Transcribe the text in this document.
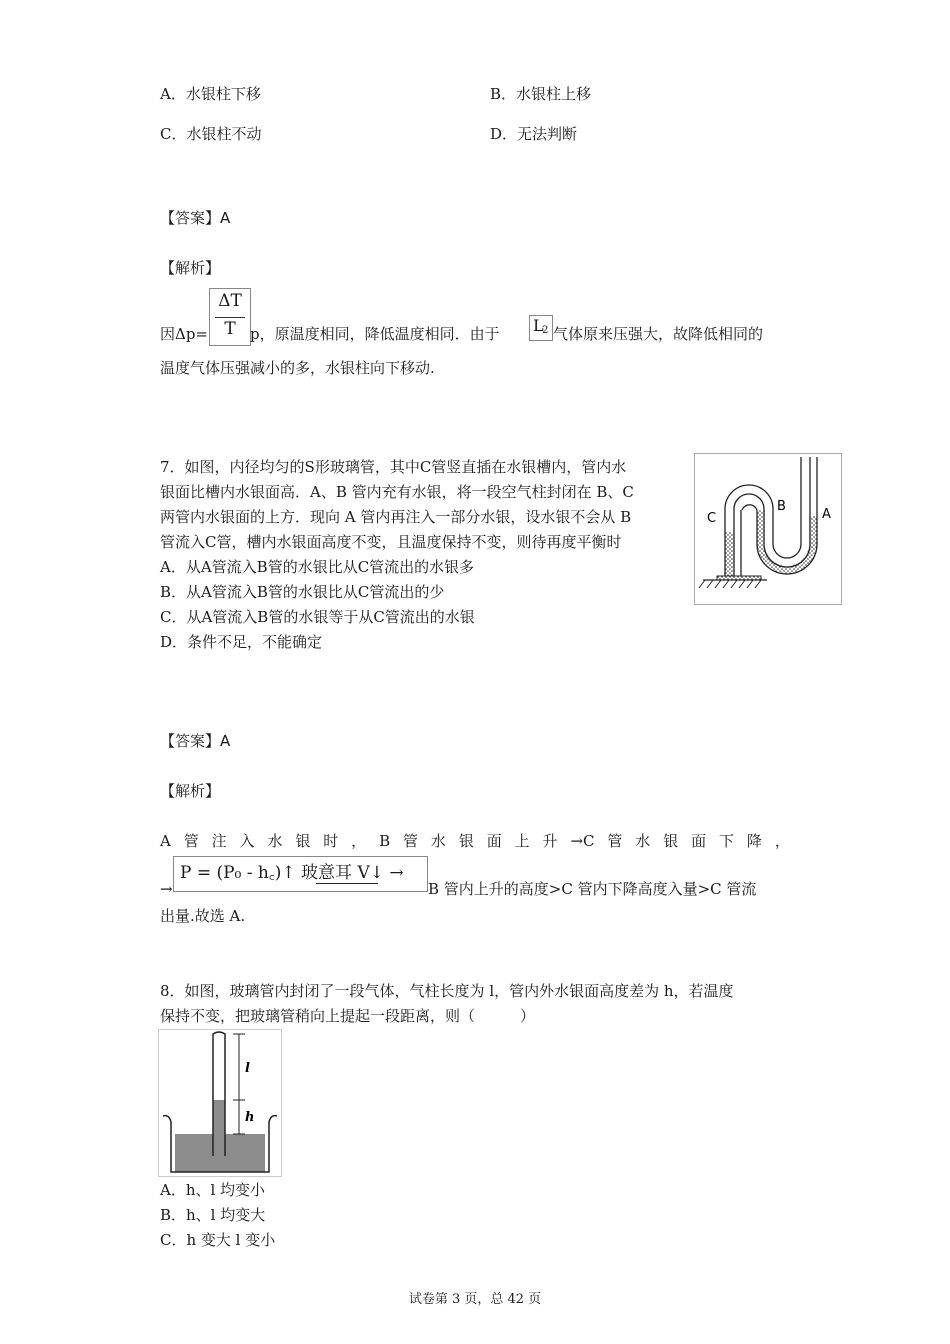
A．水银柱下移	B．水银柱上移
C．水银柱不动	D．无法判断
【答案】A
【解析】
因Δp=
ΔT
T p，原温度相同，降低温度相同．由于 L
2 气体原来压强大，故降低相同的
温度气体压强减小的多，水银柱向下移动.
7．如图，内径均匀的S形玻璃管，其中C管竖直插在水银槽内，管内水
银面比槽内水银面高．A、B 管内充有水银，将一段空气柱封闭在 B、C
两管内水银面的上方．现向 A 管内再注入一部分水银，设水银不会从 B
管流入C管，槽内水银面高度不变，且温度保持不变，则待再度平衡时
A．从A管流入B管的水银比从C管流出的水银多
B．从A管流入B管的水银比从C管流出的少
C．从A管流入B管的水银等于从C管流出的水银
D．条件不足，不能确定
C
B
A
【答案】A
【解析】
A 管 注 入 水 银 时 ， B 管 水 银 面 上 升 →C 管 水 银 面 下 降 ，
→
P = (P₀ - h꜀)↑ 玻意耳 V↓ →
B 管内上升的高度>C 管内下降高度入量>C 管流
出量.故选 A.
8．如图，玻璃管内封闭了一段气体，气柱长度为 l，管内外水银面高度差为 h，若温度
保持不变，把玻璃管稍向上提起一段距离，则（　　　）
l
h
A．h、l 均变小
B．h、l 均变大
C．h 变大 l 变小
试卷第 3 页，总 42 页
